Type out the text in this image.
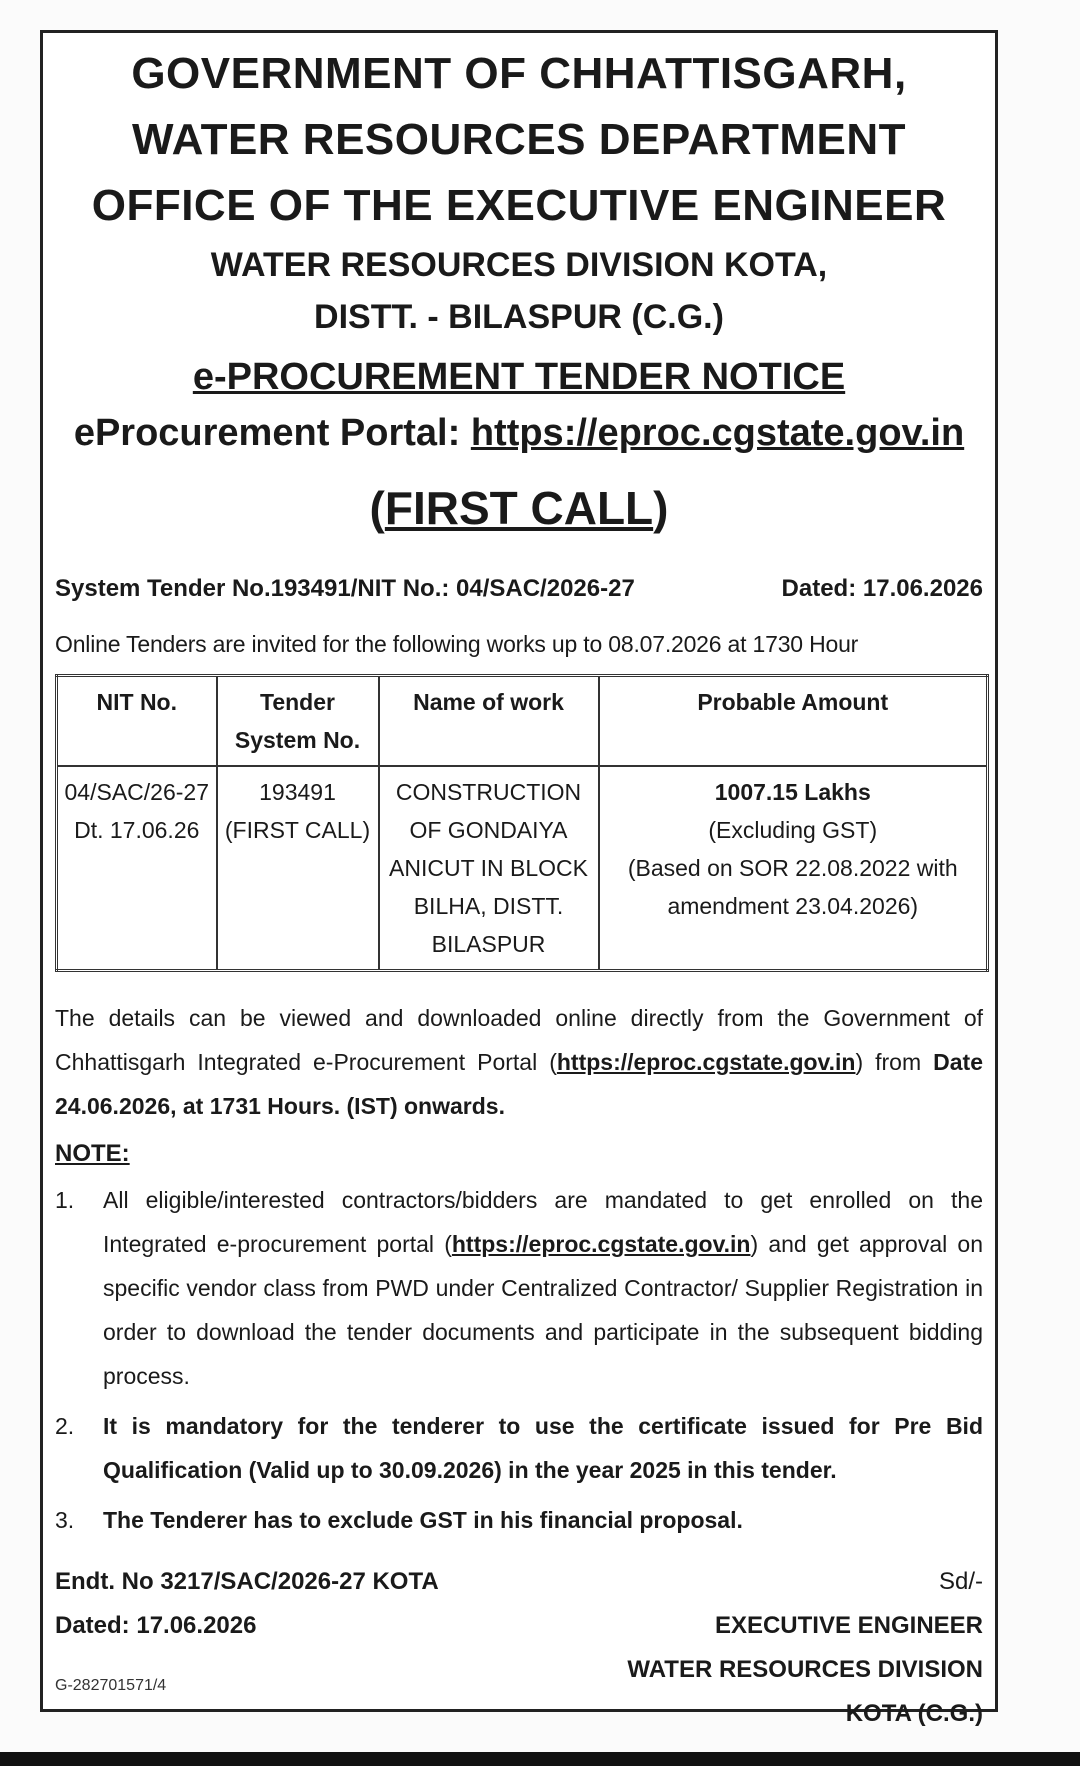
GOVERNMENT OF CHHATTISGARH,
WATER RESOURCES DEPARTMENT
OFFICE OF THE EXECUTIVE ENGINEER
WATER RESOURCES DIVISION KOTA,
DISTT. - BILASPUR (C.G.)
e-PROCUREMENT TENDER NOTICE
eProcurement Portal: https://eproc.cgstate.gov.in
(FIRST CALL)
System Tender No.193491/NIT No.: 04/SAC/2026-27	Dated: 17.06.2026
Online Tenders are invited for the following works up to 08.07.2026 at 1730 Hour
NIT No.	Tender System No.	Name of work	Probable Amount
04/SAC/26-27 Dt. 17.06.26	193491 (FIRST CALL)	CONSTRUCTION OF GONDAIYA ANICUT IN BLOCK BILHA, DISTT. BILASPUR	1007.15 Lakhs
(Excluding GST)
(Based on SOR 22.08.2022 with amendment 23.04.2026)
The details can be viewed and downloaded online directly from the Government of Chhattisgarh Integrated e-Procurement Portal (https://eproc.cgstate.gov.in) from Date 24.06.2026, at 1731 Hours. (IST) onwards.
NOTE:
1.	All eligible/interested contractors/bidders are mandated to get enrolled on the Integrated e-procurement portal (https://eproc.cgstate.gov.in) and get approval on specific vendor class from PWD under Centralized Contractor/ Supplier Registration in order to download the tender documents and participate in the subsequent bidding process.
2.	It is mandatory for the tenderer to use the certificate issued for Pre Bid Qualification (Valid up to 30.09.2026) in the year 2025 in this tender.
3.	The Tenderer has to exclude GST in his financial proposal.
Endt. No 3217/SAC/2026-27 KOTA
Dated: 17.06.2026
Sd/-
EXECUTIVE ENGINEER
WATER RESOURCES DIVISION
KOTA (C.G.)
G-282701571/4
